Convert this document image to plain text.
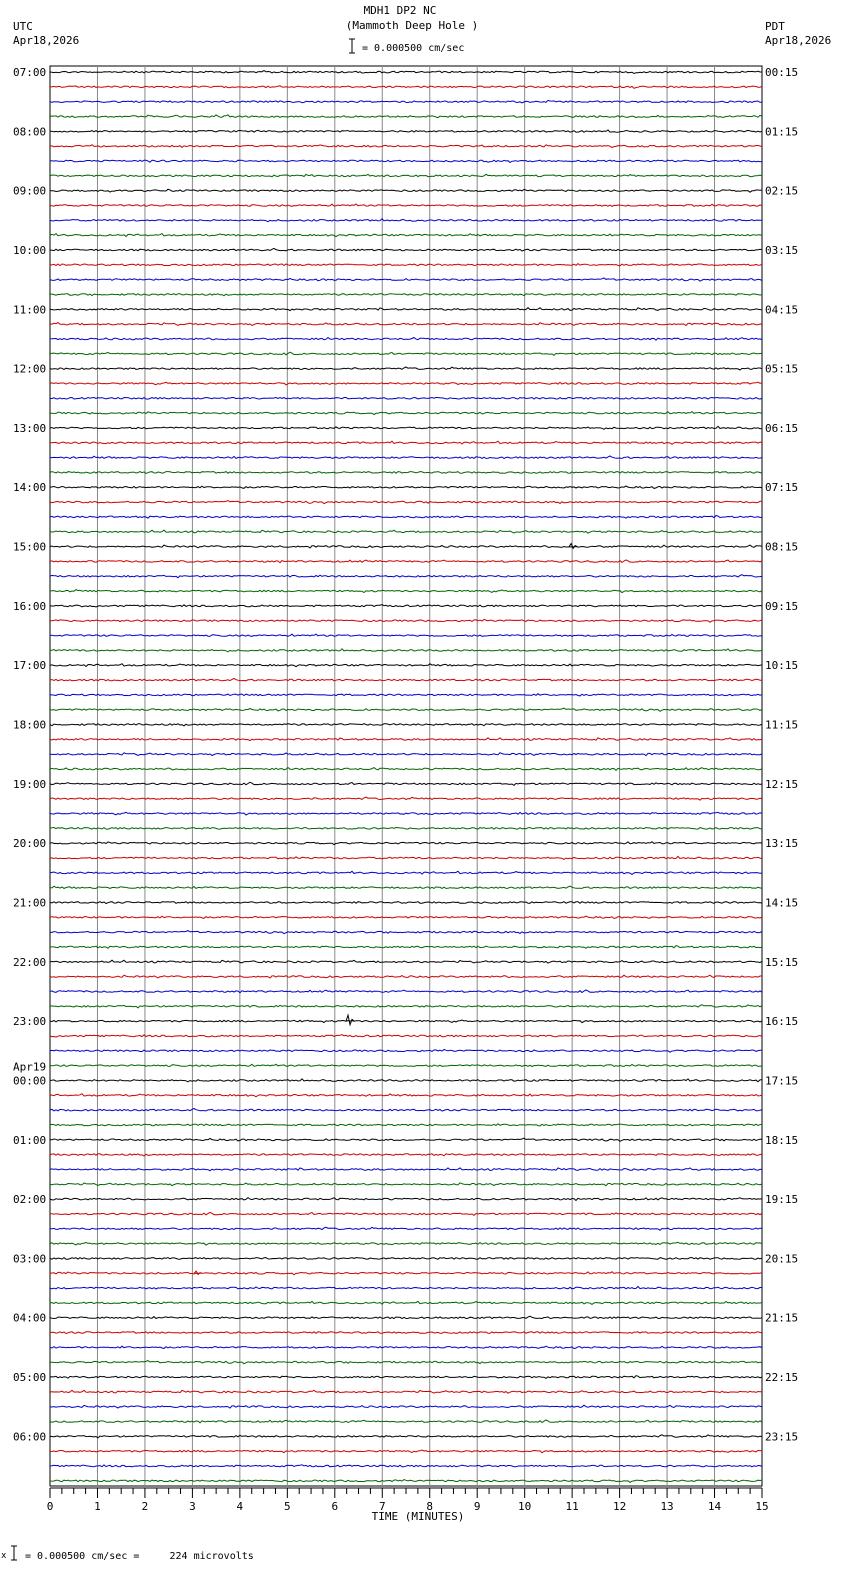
MDH1 DP2 NC
(Mammoth Deep Hole )
UTC
Apr18,2026
PDT
Apr18,2026
= 0.000500 cm/sec
07:00
08:00
09:00
10:00
11:00
12:00
13:00
14:00
15:00
16:00
17:00
18:00
19:00
20:00
21:00
22:00
23:00
00:00
01:00
02:00
03:00
04:00
05:00
06:00
Apr19
00:15
01:15
02:15
03:15
04:15
05:15
06:15
07:15
08:15
09:15
10:15
11:15
12:15
13:15
14:15
15:15
16:15
17:15
18:15
19:15
20:15
21:15
22:15
23:15
0	1	2	3	4	5	6	7	8	9	10	11	12	13	14	15
TIME (MINUTES)
x = 0.000500 cm/sec =     224 microvolts
